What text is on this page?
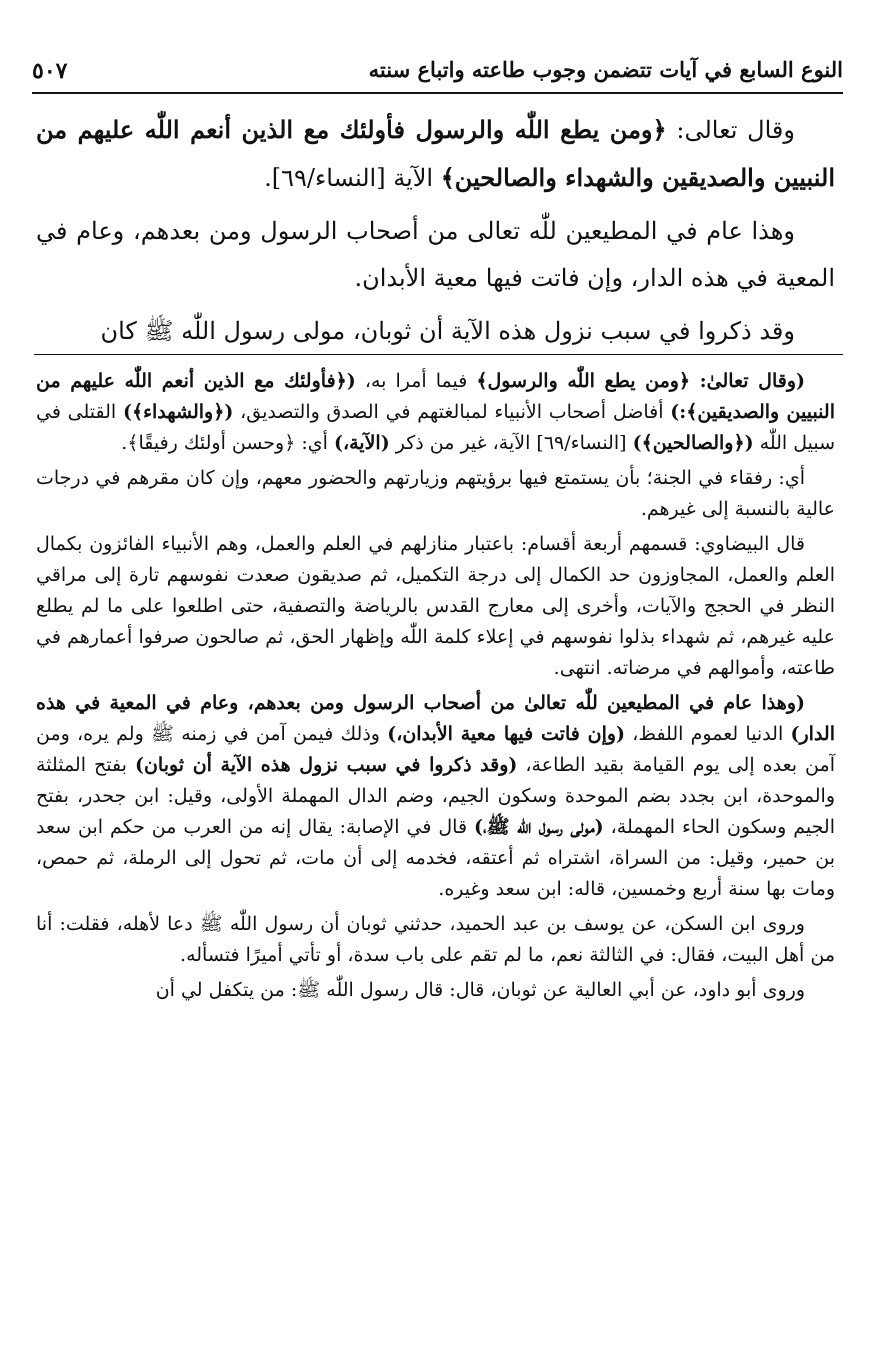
النوع السابع في آيات تتضمن وجوب طاعته واتباع سنته
٥٠٧

وقال تعالى: ﴿ومن يطع اللّٰه والرسول فأولئك مع الذين أنعم اللّٰه عليهم من النبيين والصديقين والشهداء والصالحين﴾ الآية [النساء/٦٩].

وهذا عام في المطيعين للّٰه تعالى من أصحاب الرسول ومن بعدهم، وعام في المعية في هذه الدار، وإن فاتت فيها معية الأبدان.

وقد ذكروا في سبب نزول هذه الآية أن ثوبان، مولى رسول اللّٰه ﷺ كان

(وقال تعالىٰ: ﴿ومن يطع اللّٰه والرسول﴾ فيما أمرا به، (﴿فأولئك مع الذين أنعم اللّٰه عليهم من النبيين والصديقين﴾:) أفاضل أصحاب الأنبياء لمبالغتهم في الصدق والتصديق، (﴿والشهداء﴾) القتلى في سبيل اللّٰه (﴿والصالحين﴾) [النساء/٦٩] الآية، غير من ذكر (الآية،) أي: ﴿وحسن أولئك رفيقًا﴾.

أي: رفقاء في الجنة؛ بأن يستمتع فيها برؤيتهم وزيارتهم والحضور معهم، وإن كان مقرهم في درجات عالية بالنسبة إلى غيرهم.

قال البيضاوي: قسمهم أربعة أقسام: باعتبار منازلهم في العلم والعمل، وهم الأنبياء الفائزون بكمال العلم والعمل، المجاوزون حد الكمال إلى درجة التكميل، ثم صديقون صعدت نفوسهم تارة إلى مراقي النظر في الحجج والآيات، وأخرى إلى معارج القدس بالرياضة والتصفية، حتى اطلعوا على ما لم يطلع عليه غيرهم، ثم شهداء بذلوا نفوسهم في إعلاء كلمة اللّٰه وإظهار الحق، ثم صالحون صرفوا أعمارهم في طاعته، وأموالهم في مرضاته. انتهى.

(وهذا عام في المطيعين للّٰه تعالىٰ من أصحاب الرسول ومن بعدهم، وعام في المعية في هذه الدار) الدنيا لعموم اللفظ، (وإن فاتت فيها معية الأبدان،) وذلك فيمن آمن في زمنه ﷺ ولم يره، ومن آمن بعده إلى يوم القيامة بقيد الطاعة، (وقد ذكروا في سبب نزول هذه الآية أن ثوبان) بفتح المثلثة والموحدة، ابن بجدد بضم الموحدة وسكون الجيم، وضم الدال المهملة الأولى، وقيل: ابن جحدر، بفتح الجيم وسكون الحاء المهملة، (مولى رسول اللّٰه ﷺ،) قال في الإصابة: يقال إنه من العرب من حكم ابن سعد بن حمير، وقيل: من السراة، اشتراه ثم أعتقه، فخدمه إلى أن مات، ثم تحول إلى الرملة، ثم حمص، ومات بها سنة أربع وخمسين، قاله: ابن سعد وغيره.

وروى ابن السكن، عن يوسف بن عبد الحميد، حدثني ثوبان أن رسول اللّٰه ﷺ دعا لأهله، فقلت: أنا من أهل البيت، فقال: في الثالثة نعم، ما لم تقم على باب سدة، أو تأتي أميرًا فتسأله.

وروى أبو داود، عن أبي العالية عن ثوبان، قال: قال رسول اللّٰه ﷺ: من يتكفل لي أن
